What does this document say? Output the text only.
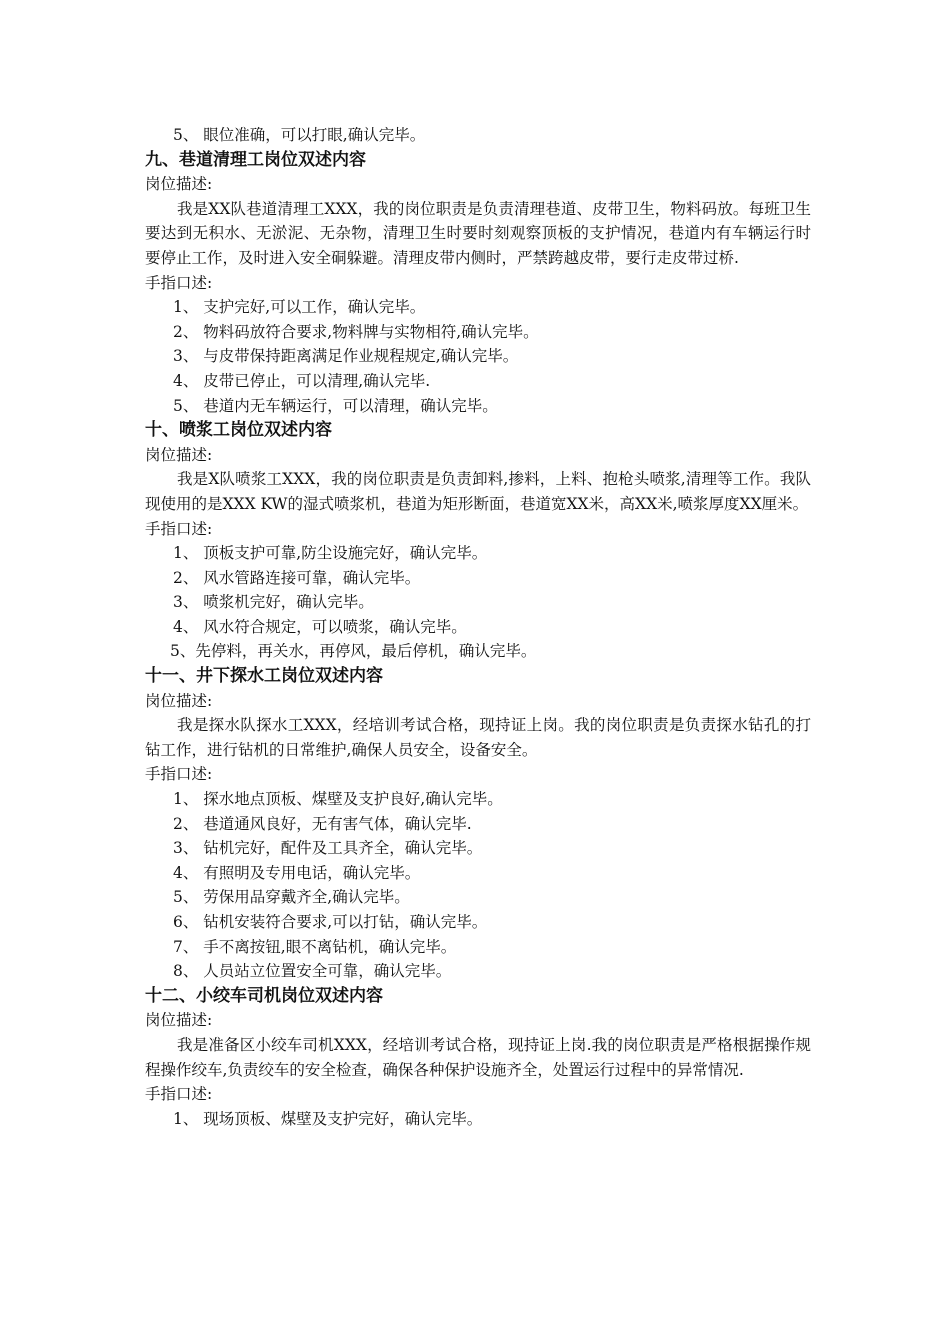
5、 眼位准确，可以打眼,确认完毕。
九、巷道清理工岗位双述内容
岗位描述:
我是XX队巷道清理工XXX，我的岗位职责是负责清理巷道、皮带卫生，物料码放。每班卫生要达到无积水、无淤泥、无杂物，清理卫生时要时刻观察顶板的支护情况，巷道内有车辆运行时要停止工作，及时进入安全硐躲避。清理皮带内侧时，严禁跨越皮带，要行走皮带过桥.
手指口述:
1、 支护完好,可以工作，确认完毕。
2、 物料码放符合要求,物料牌与实物相符,确认完毕。
3、 与皮带保持距离满足作业规程规定,确认完毕。
4、 皮带已停止，可以清理,确认完毕.
5、 巷道内无车辆运行，可以清理，确认完毕。
十、喷浆工岗位双述内容
岗位描述:
我是X队喷浆工XXX，我的岗位职责是负责卸料,掺料，上料、抱枪头喷浆,清理等工作。我队现使用的是XXX KW的湿式喷浆机，巷道为矩形断面，巷道宽XX米，高XX米,喷浆厚度XX厘米。
手指口述:
1、 顶板支护可靠,防尘设施完好，确认完毕。
2、 风水管路连接可靠，确认完毕。
3、 喷浆机完好，确认完毕。
4、 风水符合规定，可以喷浆，确认完毕。
5、先停料，再关水，再停风，最后停机，确认完毕。
十一、井下探水工岗位双述内容
岗位描述:
我是探水队探水工XXX，经培训考试合格，现持证上岗。我的岗位职责是负责探水钻孔的打钻工作，进行钻机的日常维护,确保人员安全，设备安全。
手指口述:
1、 探水地点顶板、煤壁及支护良好,确认完毕。
2、 巷道通风良好，无有害气体，确认完毕.
3、 钻机完好，配件及工具齐全，确认完毕。
4、 有照明及专用电话，确认完毕。
5、 劳保用品穿戴齐全,确认完毕。
6、 钻机安装符合要求,可以打钻，确认完毕。
7、 手不离按钮,眼不离钻机，确认完毕。
8、 人员站立位置安全可靠，确认完毕。
十二、小绞车司机岗位双述内容
岗位描述:
我是准备区小绞车司机XXX，经培训考试合格，现持证上岗.我的岗位职责是严格根据操作规程操作绞车,负责绞车的安全检查，确保各种保护设施齐全，处置运行过程中的异常情况.
手指口述:
1、 现场顶板、煤壁及支护完好，确认完毕。
